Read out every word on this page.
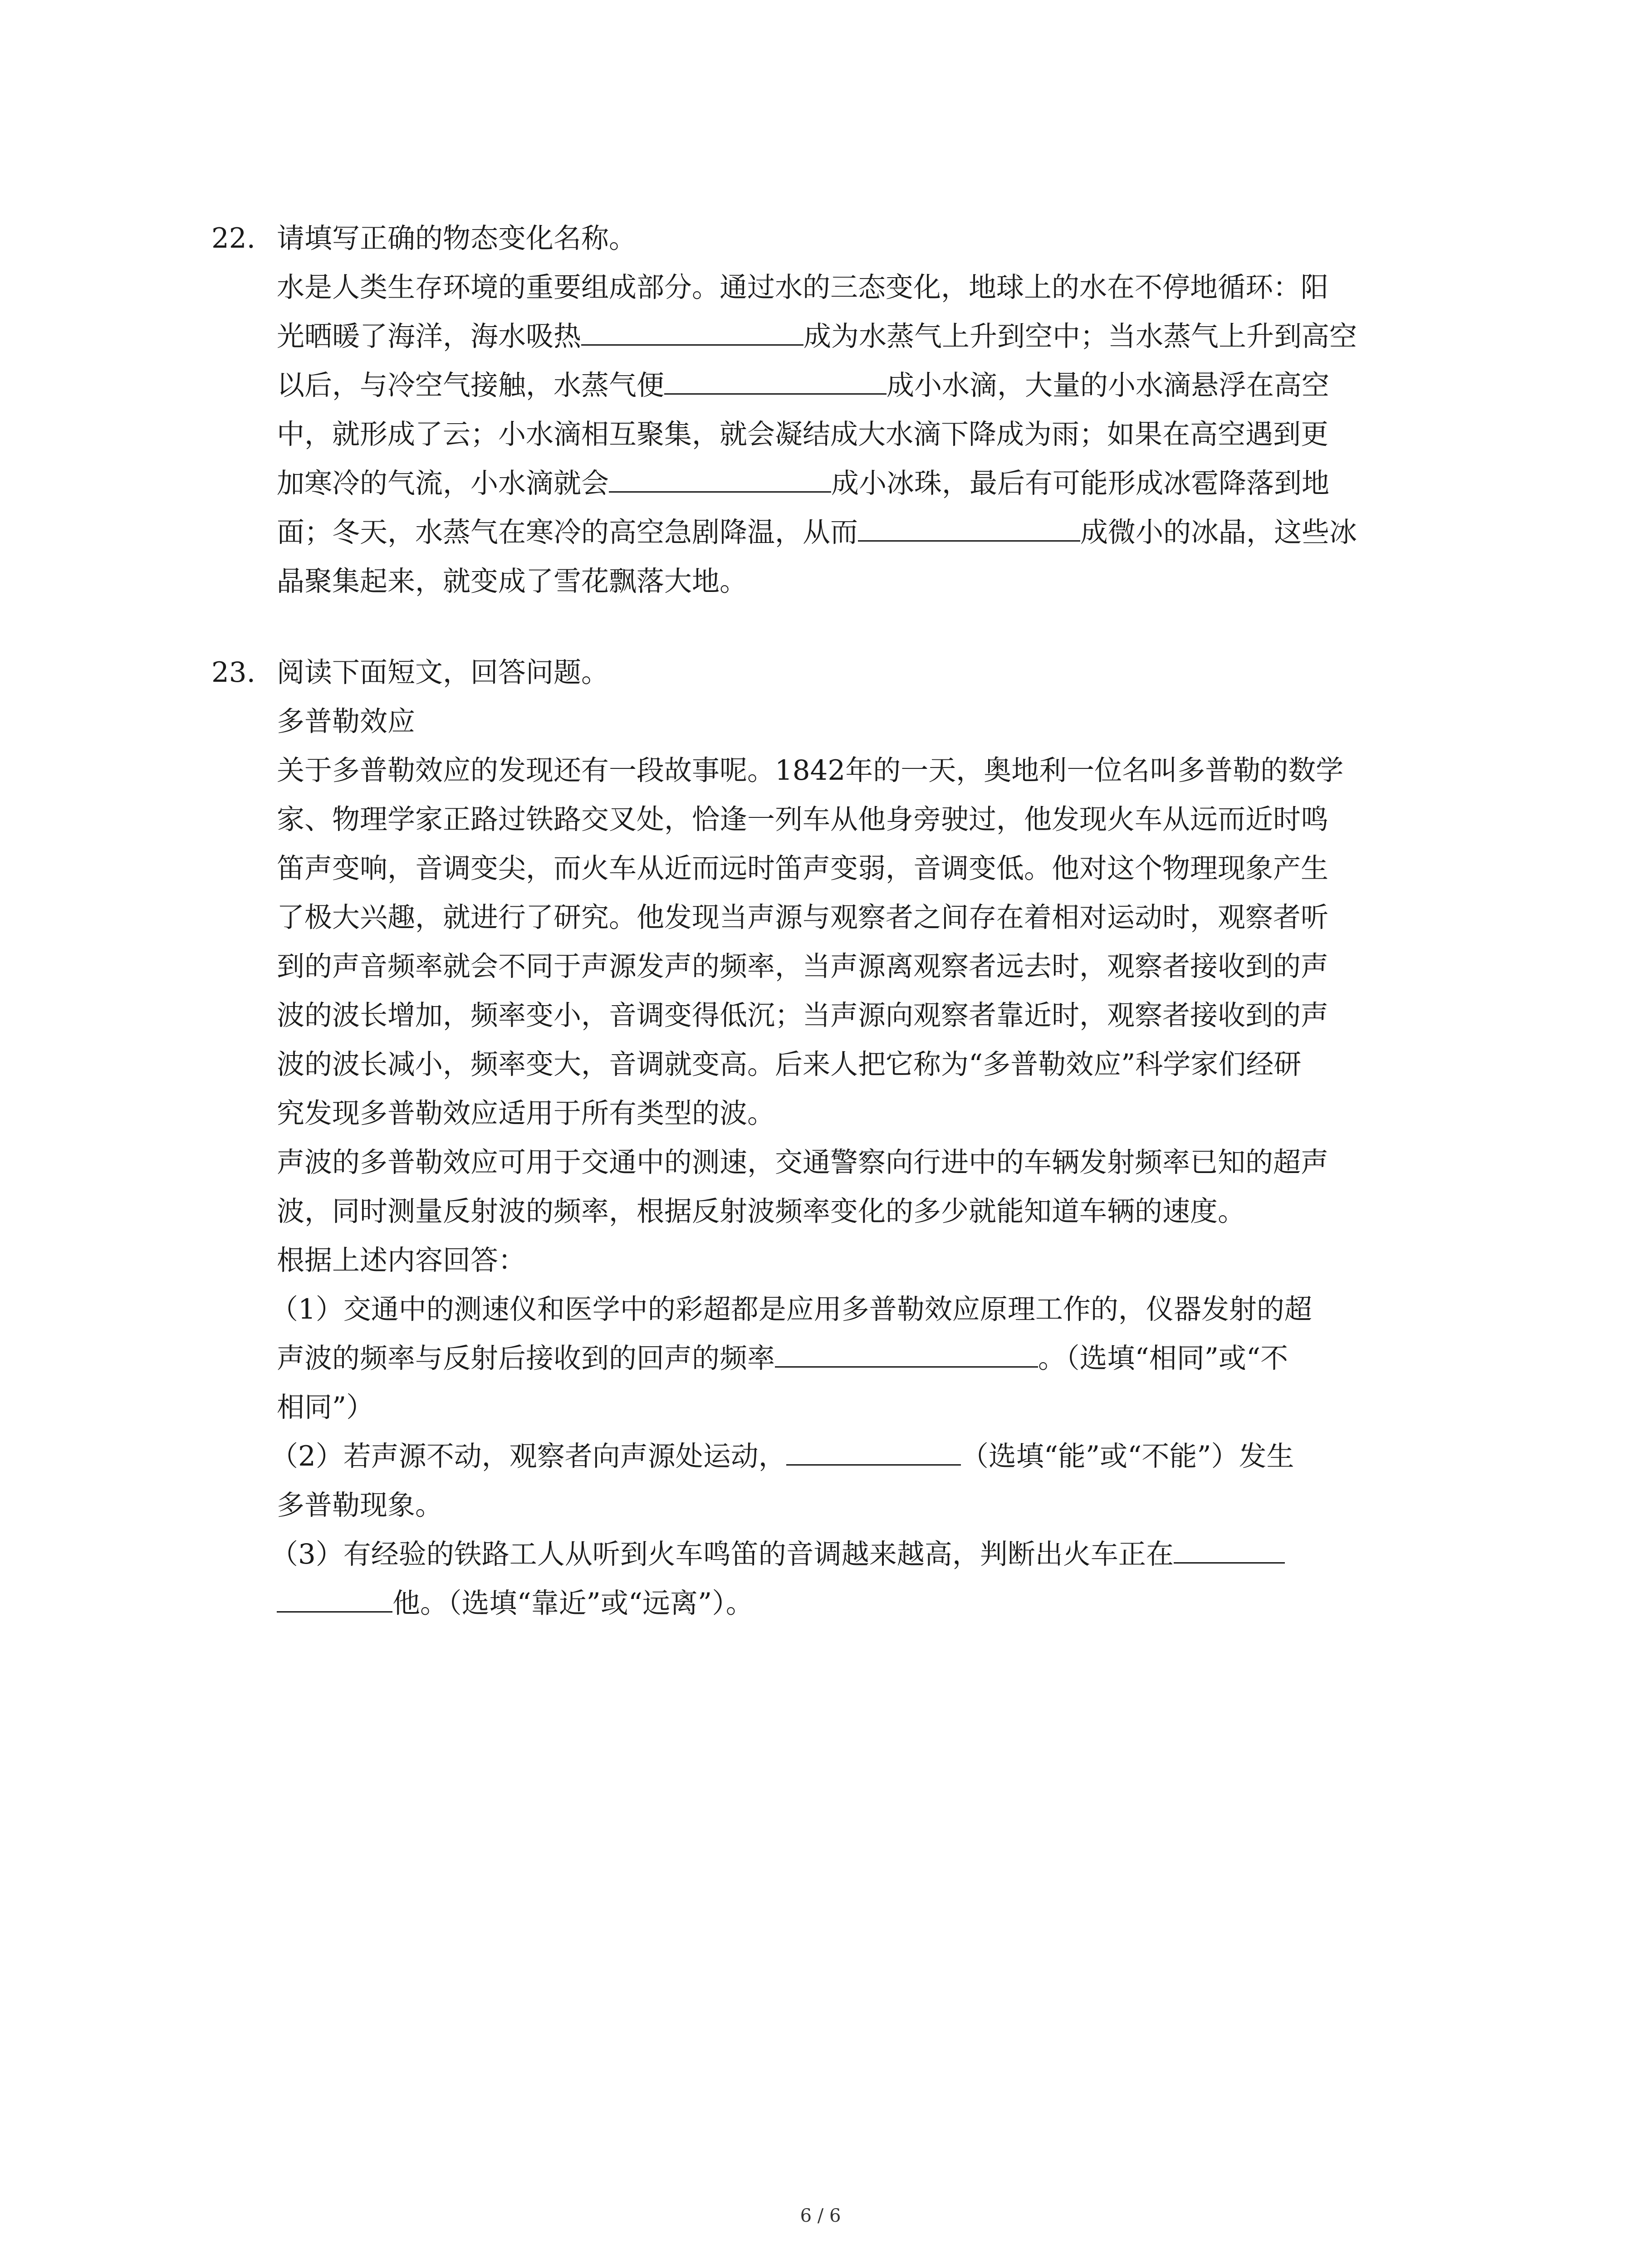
22. 请填写正确的物态变化名称。
水是人类生存环境的重要组成部分。通过水的三态变化，地球上的水在不停地循环：阳
光晒暖了海洋，海水吸热	成为水蒸气上升到空中；当水蒸气上升到高空
以后，与冷空气接触，水蒸气便	成小水滴，大量的小水滴悬浮在高空
中，就形成了云；小水滴相互聚集，就会凝结成大水滴下降成为雨；如果在高空遇到更
加寒冷的气流，小水滴就会	成小冰珠，最后有可能形成冰雹降落到地
面；冬天，水蒸气在寒冷的高空急剧降温，从而	成微小的冰晶，这些冰
晶聚集起来，就变成了雪花飘落大地。
23. 阅读下面短文，回答问题。
多普勒效应
关于多普勒效应的发现还有一段故事呢。1842年的一天，奥地利一位名叫多普勒的数学
家、物理学家正路过铁路交叉处，恰逢一列车从他身旁驶过，他发现火车从远而近时鸣
笛声变响，音调变尖，而火车从近而远时笛声变弱，音调变低。他对这个物理现象产生
了极大兴趣，就进行了研究。他发现当声源与观察者之间存在着相对运动时，观察者听
到的声音频率就会不同于声源发声的频率，当声源离观察者远去时，观察者接收到的声
波的波长增加，频率变小，音调变得低沉；当声源向观察者靠近时，观察者接收到的声
波的波长减小，频率变大，音调就变高。后来人把它称为“多普勒效应”科学家们经研
究发现多普勒效应适用于所有类型的波。
声波的多普勒效应可用于交通中的测速，交通警察向行进中的车辆发射频率已知的超声
波，同时测量反射波的频率，根据反射波频率变化的多少就能知道车辆的速度。
根据上述内容回答：
（1）交通中的测速仪和医学中的彩超都是应用多普勒效应原理工作的，仪器发射的超
声波的频率与反射后接收到的回声的频率	。（选填“相同”或“不
相同”）
（2）若声源不动，观察者向声源处运动，	（选填“能”或“不能”）发生
多普勒现象。
（3）有经验的铁路工人从听到火车鸣笛的音调越来越高，判断出火车正在
他。（选填“靠近”或“远离”）。
6 / 6
